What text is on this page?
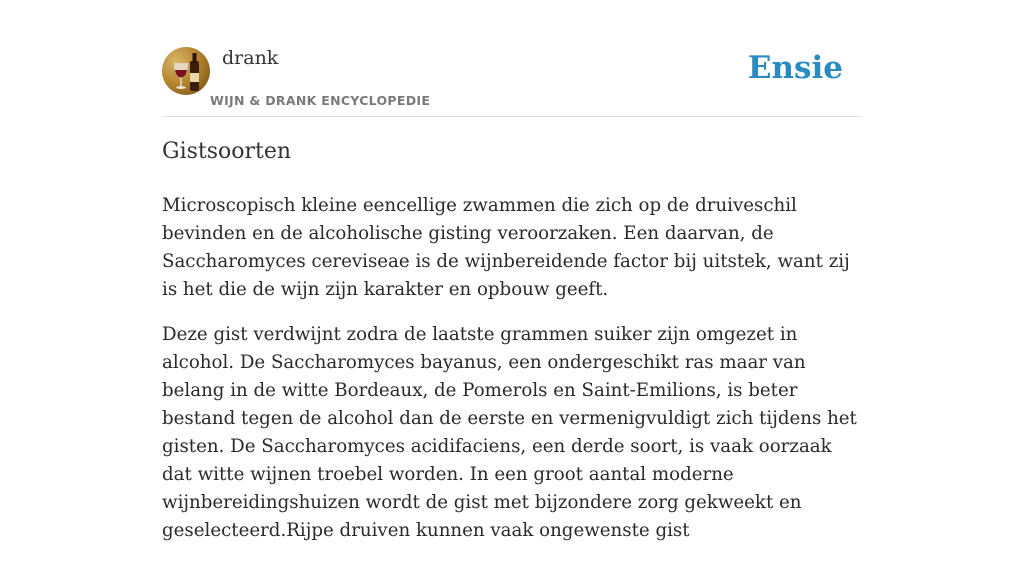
drank
WIJN & DRANK ENCYCLOPEDIE
Ensie
Gistsoorten

Microscopisch kleine eencellige zwammen die zich op de druiveschil bevinden en de alcoholische gisting veroorzaken. Een daarvan, de Saccharomyces cereviseae is de wijnbereidende factor bij uitstek, want zij is het die de wijn zijn karakter en opbouw geeft.

Deze gist verdwijnt zodra de laatste grammen suiker zijn omgezet in alcohol. De Saccharomyces bayanus, een ondergeschikt ras maar van belang in de witte Bordeaux, de Pomerols en Saint-Emilions, is beter bestand tegen de alcohol dan de eerste en vermenigvuldigt zich tijdens het gisten. De Saccharomyces acidifaciens, een derde soort, is vaak oorzaak dat witte wijnen troebel worden. In een groot aantal moderne wijnbereidingshuizen wordt de gist met bijzondere zorg gekweekt en geselecteerd.Rijpe druiven kunnen vaak ongewenste gist
